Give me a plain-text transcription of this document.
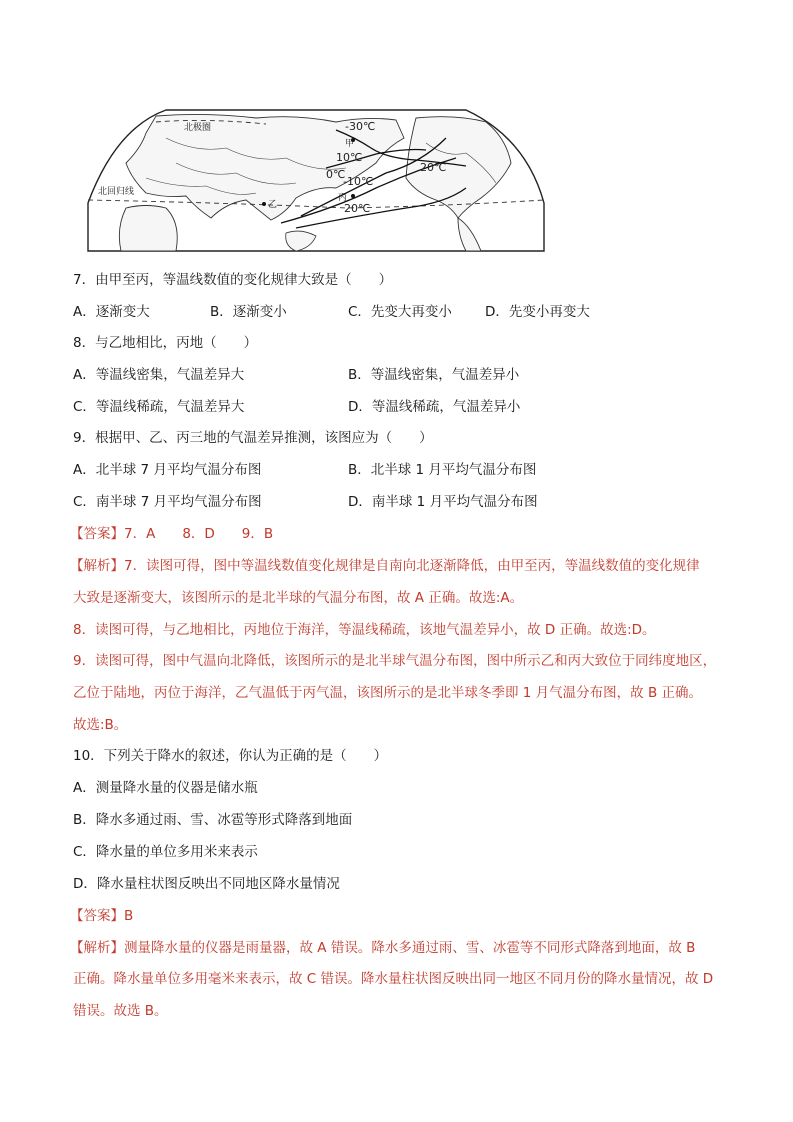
北极圈
北回归线
-30℃
甲
10℃
0℃
20℃
-10℃
乙
丙
20℃
7．由甲至丙，等温线数值的变化规律大致是（　　）
A．逐渐变大	B．逐渐变小	C．先变大再变小 D．先变小再变大
8．与乙地相比，丙地（　　）
A．等温线密集，气温差异大	B．等温线密集，气温差异小
C．等温线稀疏，气温差异大	D．等温线稀疏，气温差异小
9．根据甲、乙、丙三地的气温差异推测，该图应为（　　）
A．北半球 7 月平均气温分布图	B．北半球 1 月平均气温分布图
C．南半球 7 月平均气温分布图	D．南半球 1 月平均气温分布图
【答案】7．A　　8．D　　9．B
【解析】7．读图可得，图中等温线数值变化规律是自南向北逐渐降低，由甲至丙，等温线数值的变化规律
大致是逐渐变大，该图所示的是北半球的气温分布图，故 A 正确。故选:A。
8．读图可得，与乙地相比，丙地位于海洋，等温线稀疏，该地气温差异小，故 D 正确。故选:D。
9．读图可得，图中气温向北降低，该图所示的是北半球气温分布图，图中所示乙和丙大致位于同纬度地区，
乙位于陆地，丙位于海洋，乙气温低于丙气温，该图所示的是北半球冬季即 1 月气温分布图，故 B 正确。
故选:B。
10．下列关于降水的叙述，你认为正确的是（　　）
A．测量降水量的仪器是储水瓶
B．降水多通过雨、雪、冰雹等形式降落到地面
C．降水量的单位多用米来表示
D．降水量柱状图反映出不同地区降水量情况
【答案】B
【解析】测量降水量的仪器是雨量器，故 A 错误。降水多通过雨、雪、冰雹等不同形式降落到地面，故 B
正确。降水量单位多用毫米来表示，故 C 错误。降水量柱状图反映出同一地区不同月份的降水量情况，故 D
错误。故选 B。
